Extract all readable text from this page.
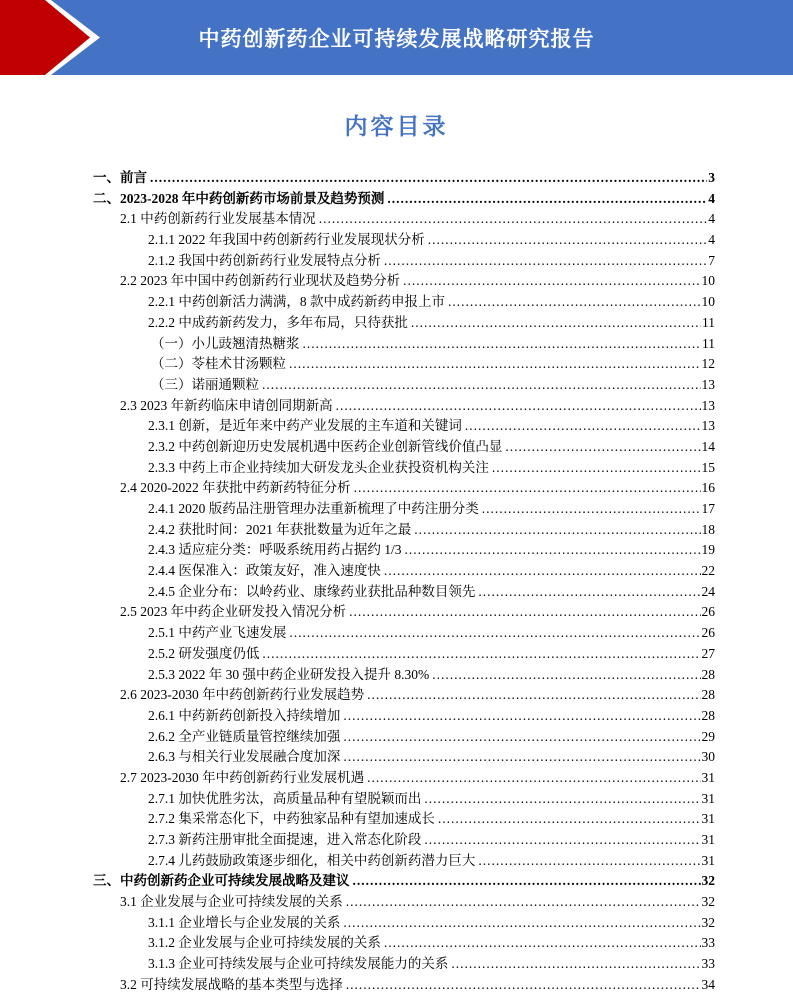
中药创新药企业可持续发展战略研究报告
内容目录
一、前言 .....	3
二、2023-2028 年中药创新药市场前景及趋势预测 .....	4
2.1 中药创新药行业发展基本情况 .....	4
2.1.1 2022 年我国中药创新药行业发展现状分析 .....	4
2.1.2 我国中药创新药行业发展特点分析 .....	7
2.2 2023 年中国中药创新药行业现状及趋势分析 .....	10
2.2.1 中药创新活力满满，8 款中成药新药申报上市 .....	10
2.2.2 中成药新药发力，多年布局，只待获批 .....	11
（一）小儿豉翘清热糖浆 .....	11
（二）苓桂术甘汤颗粒 .....	12
（三）诺丽通颗粒 .....	13
2.3 2023 年新药临床申请创同期新高 .....	13
2.3.1 创新，是近年来中药产业发展的主车道和关键词 .....	13
2.3.2 中药创新迎历史发展机遇中医药企业创新管线价值凸显 .....	14
2.3.3 中药上市企业持续加大研发龙头企业获投资机构关注 .....	15
2.4 2020-2022 年获批中药新药特征分析 .....	16
2.4.1 2020 版药品注册管理办法重新梳理了中药注册分类 .....	17
2.4.2 获批时间：2021 年获批数量为近年之最 .....	18
2.4.3 适应症分类：呼吸系统用药占据约 1/3 .....	19
2.4.4 医保准入：政策友好，准入速度快 .....	22
2.4.5 企业分布：以岭药业、康缘药业获批品种数目领先 .....	24
2.5 2023 年中药企业研发投入情况分析 .....	26
2.5.1 中药产业飞速发展 .....	26
2.5.2 研发强度仍低 .....	27
2.5.3 2022 年 30 强中药企业研发投入提升 8.30% .....	28
2.6 2023-2030 年中药创新药行业发展趋势 .....	28
2.6.1 中药新药创新投入持续增加 .....	28
2.6.2 全产业链质量管控继续加强 .....	29
2.6.3 与相关行业发展融合度加深 .....	30
2.7 2023-2030 年中药创新药行业发展机遇 .....	31
2.7.1 加快优胜劣汰，高质量品种有望脱颖而出 .....	31
2.7.2 集采常态化下，中药独家品种有望加速成长 .....	31
2.7.3 新药注册审批全面提速，进入常态化阶段 .....	31
2.7.4 儿药鼓励政策逐步细化，相关中药创新药潜力巨大 .....	31
三、中药创新药企业可持续发展战略及建议 .....	32
3.1 企业发展与企业可持续发展的关系 .....	32
3.1.1 企业增长与企业发展的关系 .....	32
3.1.2 企业发展与企业可持续发展的关系 .....	33
3.1.3 企业可持续发展与企业可持续发展能力的关系 .....	33
3.2 可持续发展战略的基本类型与选择 .....	34
